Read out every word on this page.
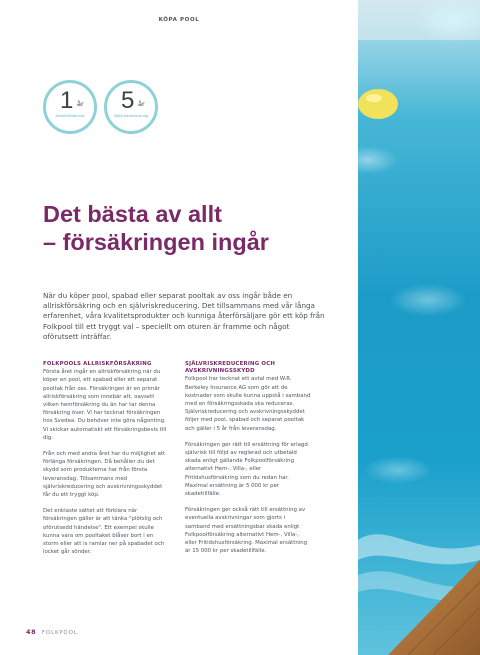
KÖPA POOL
1 år
Allriskförsäkring
5 år
Självriskreducering
Det bästa av allt
– försäkringen ingår

När du köper pool, spabad eller separat pooltak av oss ingår både en allriskförsäkring och en självriskreducering. Det tillsammans med vår långa erfarenhet, våra kvalitetsprodukter och kunniga återförsäljare gör ett köp från Folkpool till ett tryggt val – speciellt om oturen är framme och något oförutsett inträffar.

FOLKPOOLS ALLRISKFÖRSÄKRING

Första året ingår en allriskförsäkring när du köper en pool, ett spabad eller ett separat pooltak från oss. Försäkringen är en primär allriskförsäkring som innebär att, oavsett vilken hemförsäkring du än har tar denna försäkring över. Vi har tecknat försäkringen hos Svedea. Du behöver inte göra någonting. Vi skickar automatiskt ett försäkringsbevis till dig.

Från och med andra året har du möjlighet att förlänga försäkringen. Då behåller du det skydd som produkterna har från första leveransdag. Tillsammans med självriskreducering och avskrivningsskyddet får du ett tryggt köp.

Det enklaste sättet att förklara när försäkringen gäller är att tänka "plötslig och oförutsedd händelse". Ett exempel skulle kunna vara om pooltaket blåser bort i en storm eller att is ramlar ner på spabadet och locket går sönder.

SJÄLVRISKREDUCERING OCH
AVSKRIVNINGSSKYDD

Folkpool har tecknat ett avtal med W.R. Berkeley Insurance AG som gör att de kostnader som skulle kunna uppstå i samband med en försäkringsskada ska reduceras. Självriskreducering och avskrivningsskyddet följer med pool, spabad och separat pooltak och gäller i 5 år från leveransdag.

Försäkringen ger rätt till ersättning för erlagd självrisk till följd av reglerad och utbetald skada enligt gällande Folkpoolförsäkring alternativt Hem-, Villa-, eller Fritidshusförsäkring som du redan har. Maximal ersättning är 5 000 kr per skadetillfälle.

Försäkringen ger också rätt till ersättning av eventuella avskrivningar som gjorts i samband med ersättningsbar skada enligt Folkpoolförsäkring alternativt Hem-, Villa-, eller Fritidshusförsäkring. Maximal ersättning är 15 000 kr per skadetillfälle.

48 FOLKPOOL
